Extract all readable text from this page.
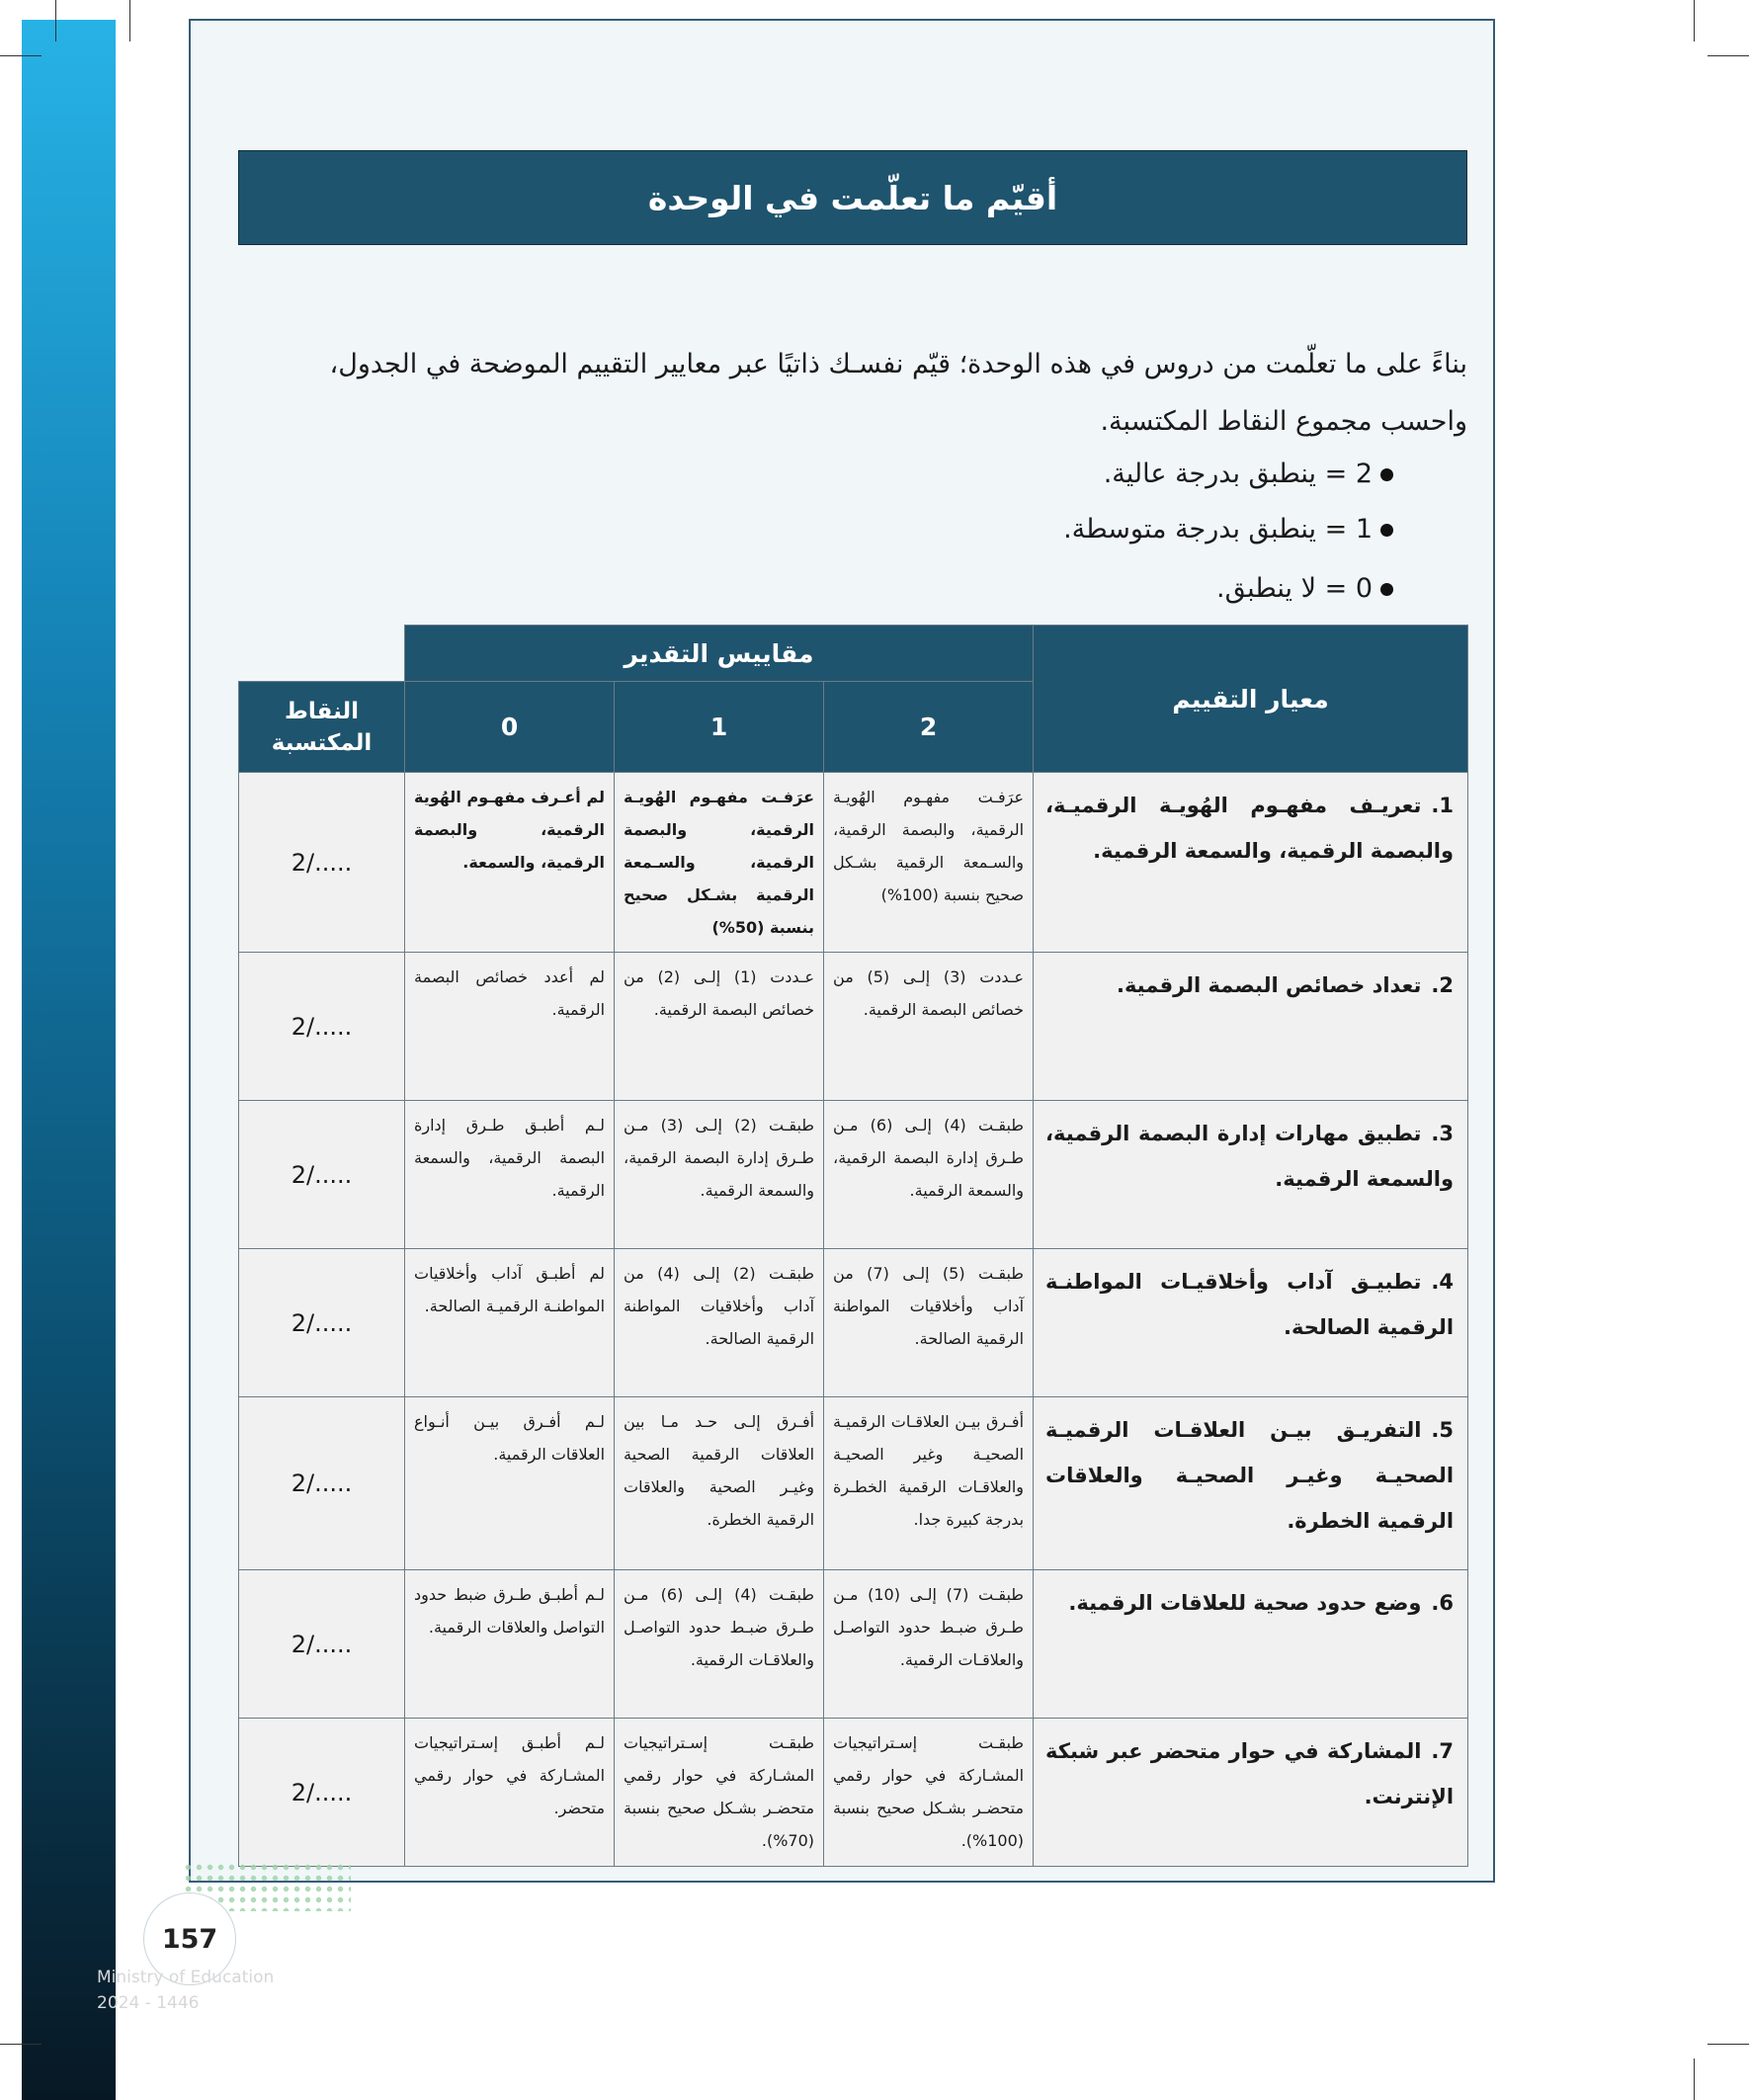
أقيّم ما تعلّمت في الوحدة

بناءً على ما تعلّمت من دروس في هذه الوحدة؛ قيّم نفسـك ذاتيًا عبر معايير التقييم الموضحة في الجدول، واحسب مجموع النقاط المكتسبة.

2 = ينطبق بدرجة عالية.
1 = ينطبق بدرجة متوسطة.
0 = لا ينطبق.
معيار التقييم	مقاييس التقدير			
	2	1	0	النقاط المكتسبة
1.تعريـف مفهـوم الهُويـة الرقميـة، والبصمة الرقمية، والسمعة الرقمية.	عرَفـت مفهـوم الهُويـة الرقمية، والبصمة الرقمية، والسـمعة الرقمية بشـكل صحيح بنسبة (100%)	عرَفـت مفهـوم الهُويـة الرقمية، والبصمة الرقمية، والسـمعة الرقمية بشـكل صحيح بنسبة (50%)	لم أعـرف مفهـوم الهُوية الرقمية، والبصمة الرقمية، والسمعة.	2/.....
2.تعداد خصائص البصمة الرقمية.	عـددت (3) إلـى (5) من خصائص البصمة الرقمية.	عـددت (1) إلـى (2) من خصائص البصمة الرقمية.	لم أعدد خصائص البصمة الرقمية.	2/.....
3.تطبيق مهارات إدارة البصمة الرقمية، والسمعة الرقمية.	طبقـت (4) إلـى (6) مـن طـرق إدارة البصمة الرقمية، والسمعة الرقمية.	طبقـت (2) إلـى (3) مـن طـرق إدارة البصمة الرقمية، والسمعة الرقمية.	لـم أطبـق طـرق إدارة البصمة الرقمية، والسمعة الرقمية.	2/.....
4.تطبيـق آداب وأخلاقيـات المواطنـة الرقمية الصالحة.	طبقـت (5) إلـى (7) من آداب وأخلاقيات المواطنة الرقمية الصالحة.	طبقـت (2) إلـى (4) من آداب وأخلاقيات المواطنة الرقمية الصالحة.	لم أطبـق آداب وأخلاقيات المواطنـة الرقميـة الصالحة.	2/.....
5.التفريـق بيـن العلاقـات الرقميـة الصحيـة وغيـر الصحيـة والعلاقات الرقمية الخطرة.	أفـرق بيـن العلاقـات الرقميـة الصحيـة وغير الصحيـة والعلاقـات الرقمية الخطـرة بدرجة كبيرة جدا.	أفـرق إلـى حـد مـا بين العلاقات الرقمية الصحية وغيـر الصحية والعلاقات الرقمية الخطرة.	لـم أفـرق بيـن أنـواع العلاقات الرقمية.	2/.....
6.وضع حدود صحية للعلاقات الرقمية.	طبقـت (7) إلـى (10) مـن طـرق ضبـط حدود التواصـل والعلاقـات الرقمية.	طبقـت (4) إلـى (6) مـن طـرق ضبـط حدود التواصـل والعلاقـات الرقمية.	لـم أطبـق طـرق ضبط حدود التواصل والعلاقات الرقمية.	2/.....
7.المشاركة في حوار متحضر عبر شبكة الإنترنت.	طبقـت إسـتراتيجيات المشـاركة في حوار رقمي متحضـر بشـكل صحيح بنسبة (100%).	طبقـت إسـتراتيجيات المشـاركة في حوار رقمي متحضـر بشـكل صحيح بنسبة (70%).	لـم أطبـق إسـتراتيجيات المشـاركة في حوار رقمي متحضر.	2/.....
157
Ministry of Education
2024 - 1446
